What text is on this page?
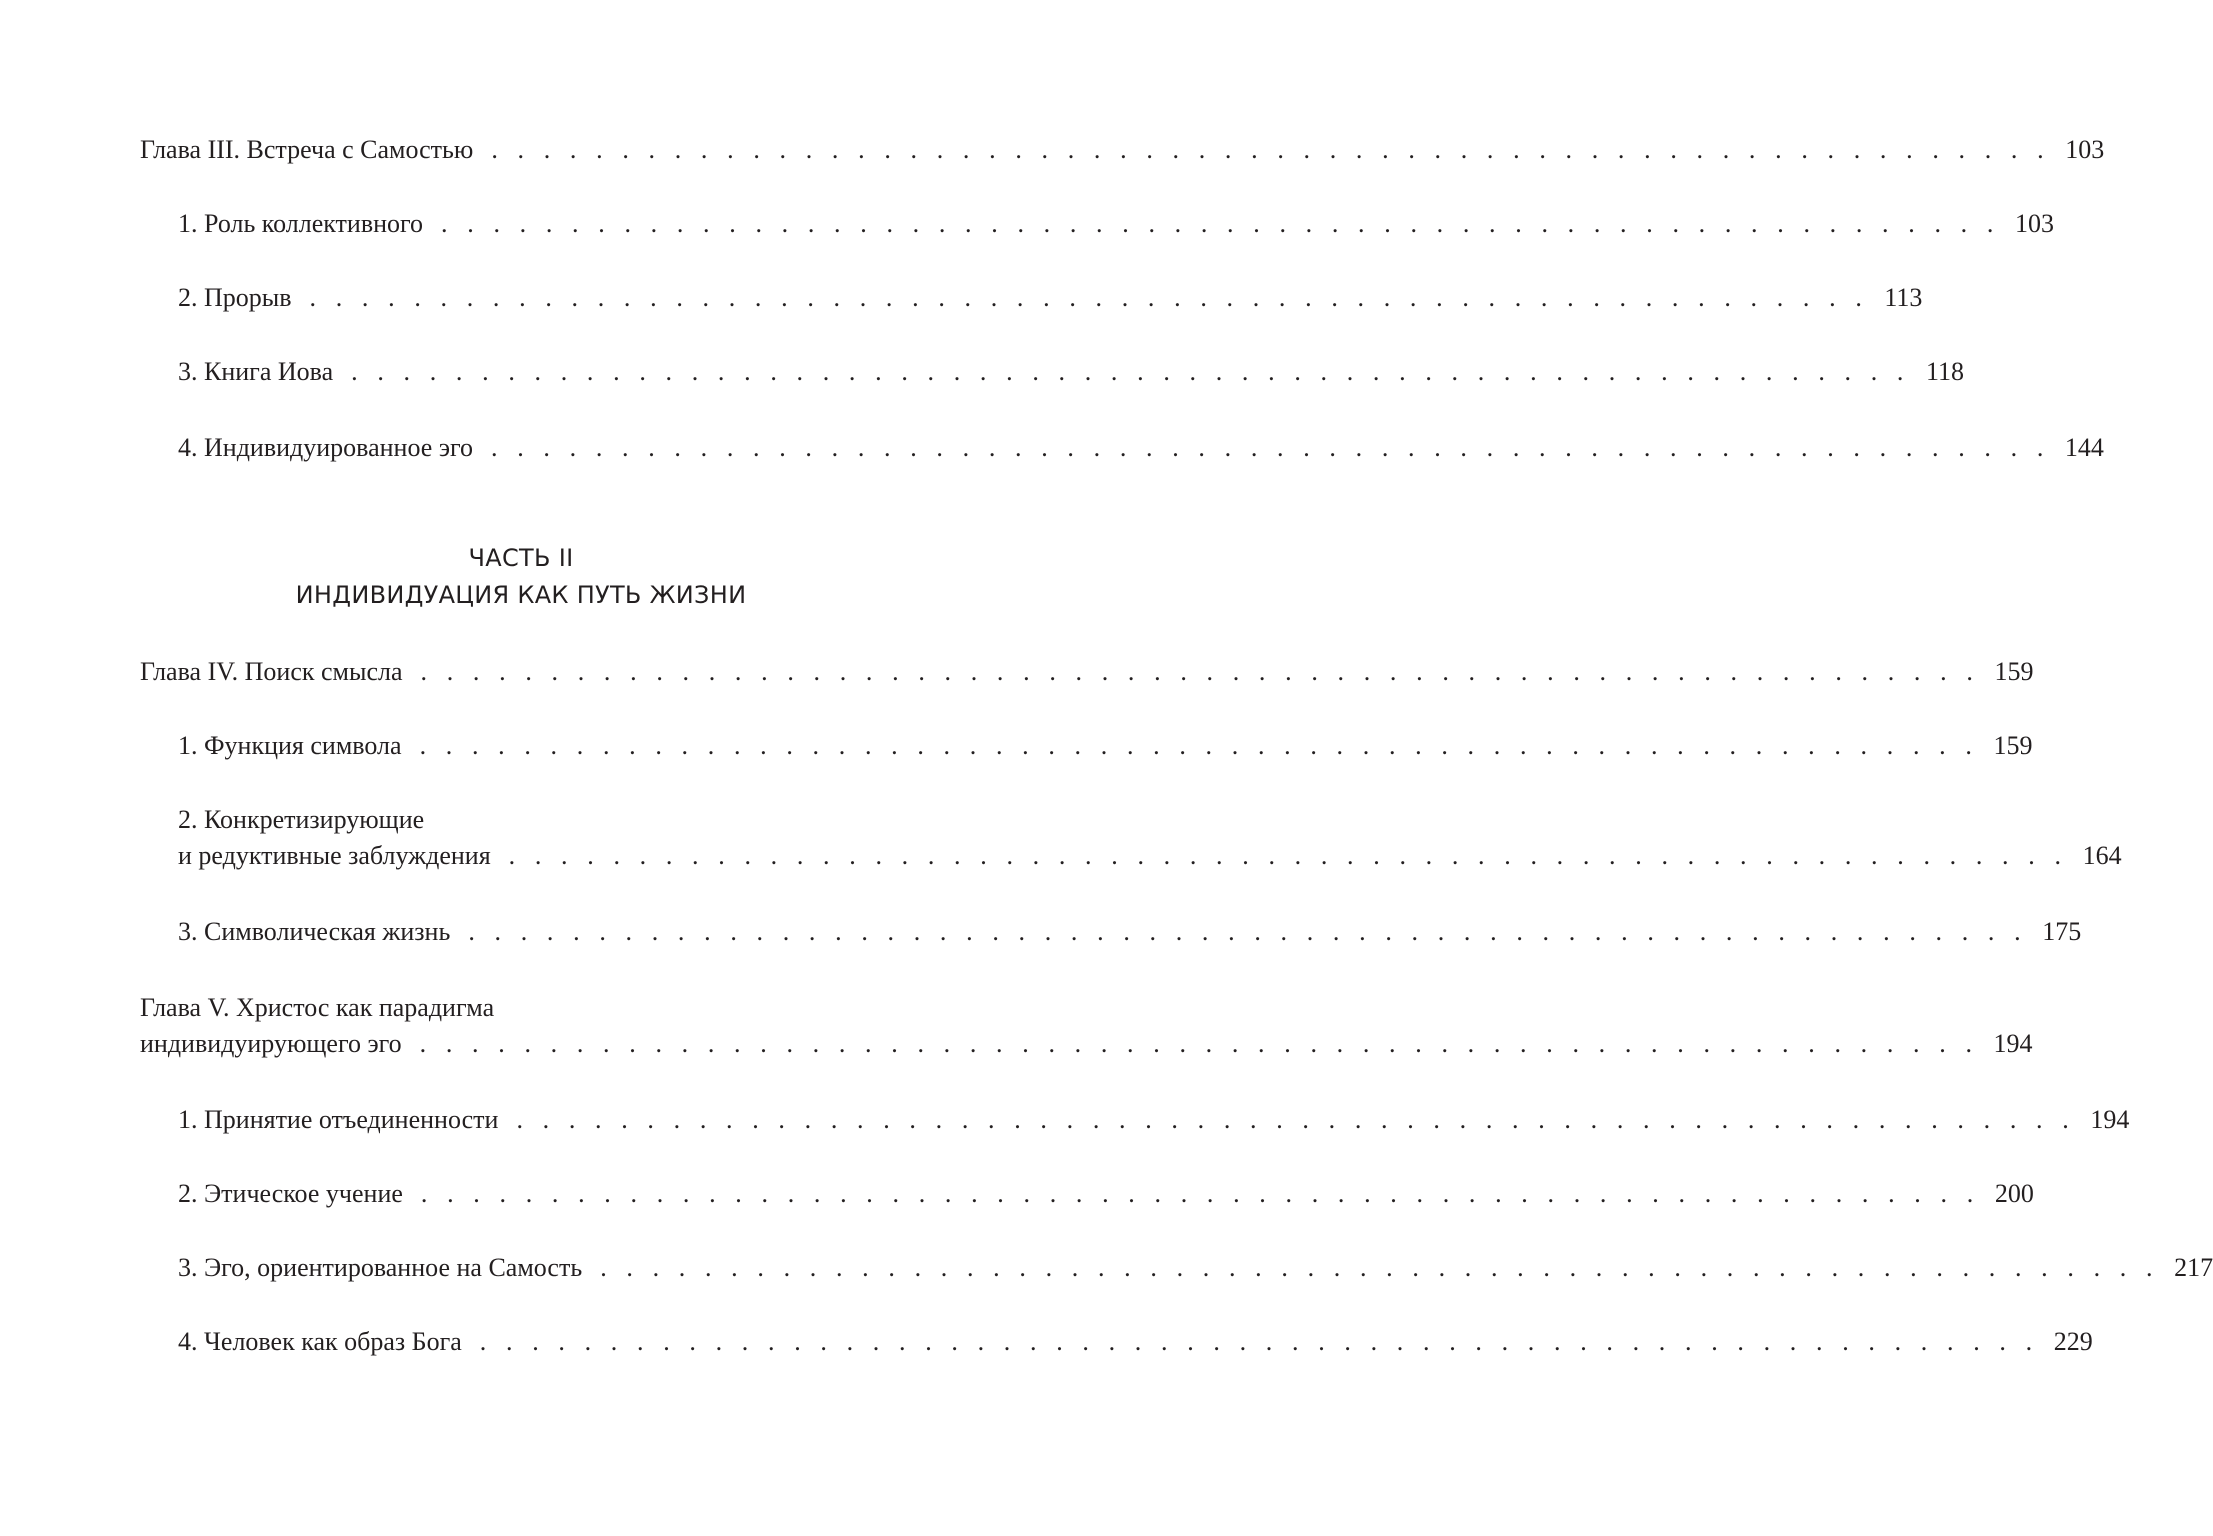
Глава III. Встреча с Самостью . . . . . . . . . . . . . . . . . . . . . . . . . . . . . . . . . . . . . . . . . . . . . . . . . . . . . . . . . . . . 103
1. Роль коллективного . . . . . . . . . . . . . . . . . . . . . . . . . . . . . . . . . . . . . . . . . . . . . . . . . . . . . . . . . . . . 103
2. Прорыв . . . . . . . . . . . . . . . . . . . . . . . . . . . . . . . . . . . . . . . . . . . . . . . . . . . . . . . . . . . . 113
3. Книга Иова . . . . . . . . . . . . . . . . . . . . . . . . . . . . . . . . . . . . . . . . . . . . . . . . . . . . . . . . . . . . 118
4. Индивидуированное эго . . . . . . . . . . . . . . . . . . . . . . . . . . . . . . . . . . . . . . . . . . . . . . . . . . . . . . . . . . . . 144
ЧАСТЬ II
ИНДИВИДУАЦИЯ КАК ПУТЬ ЖИЗНИ
Глава IV. Поиск смысла . . . . . . . . . . . . . . . . . . . . . . . . . . . . . . . . . . . . . . . . . . . . . . . . . . . . . . . . . . . . 159
1. Функция символа . . . . . . . . . . . . . . . . . . . . . . . . . . . . . . . . . . . . . . . . . . . . . . . . . . . . . . . . . . . . 159
2. Конкретизирующие
и редуктивные заблуждения . . . . . . . . . . . . . . . . . . . . . . . . . . . . . . . . . . . . . . . . . . . . . . . . . . . . . . . . . . . . 164
3. Символическая жизнь . . . . . . . . . . . . . . . . . . . . . . . . . . . . . . . . . . . . . . . . . . . . . . . . . . . . . . . . . . . . 175
Глава V. Христос как парадигма
индивидуирующего эго . . . . . . . . . . . . . . . . . . . . . . . . . . . . . . . . . . . . . . . . . . . . . . . . . . . . . . . . . . . . 194
1. Принятие отъединенности . . . . . . . . . . . . . . . . . . . . . . . . . . . . . . . . . . . . . . . . . . . . . . . . . . . . . . . . . . . . 194
2. Этическое учение . . . . . . . . . . . . . . . . . . . . . . . . . . . . . . . . . . . . . . . . . . . . . . . . . . . . . . . . . . . . 200
3. Эго, ориентированное на Самость . . . . . . . . . . . . . . . . . . . . . . . . . . . . . . . . . . . . . . . . . . . . . . . . . . . . . . . . . . . . 217
4. Человек как образ Бога . . . . . . . . . . . . . . . . . . . . . . . . . . . . . . . . . . . . . . . . . . . . . . . . . . . . . . . . . . . . 229
